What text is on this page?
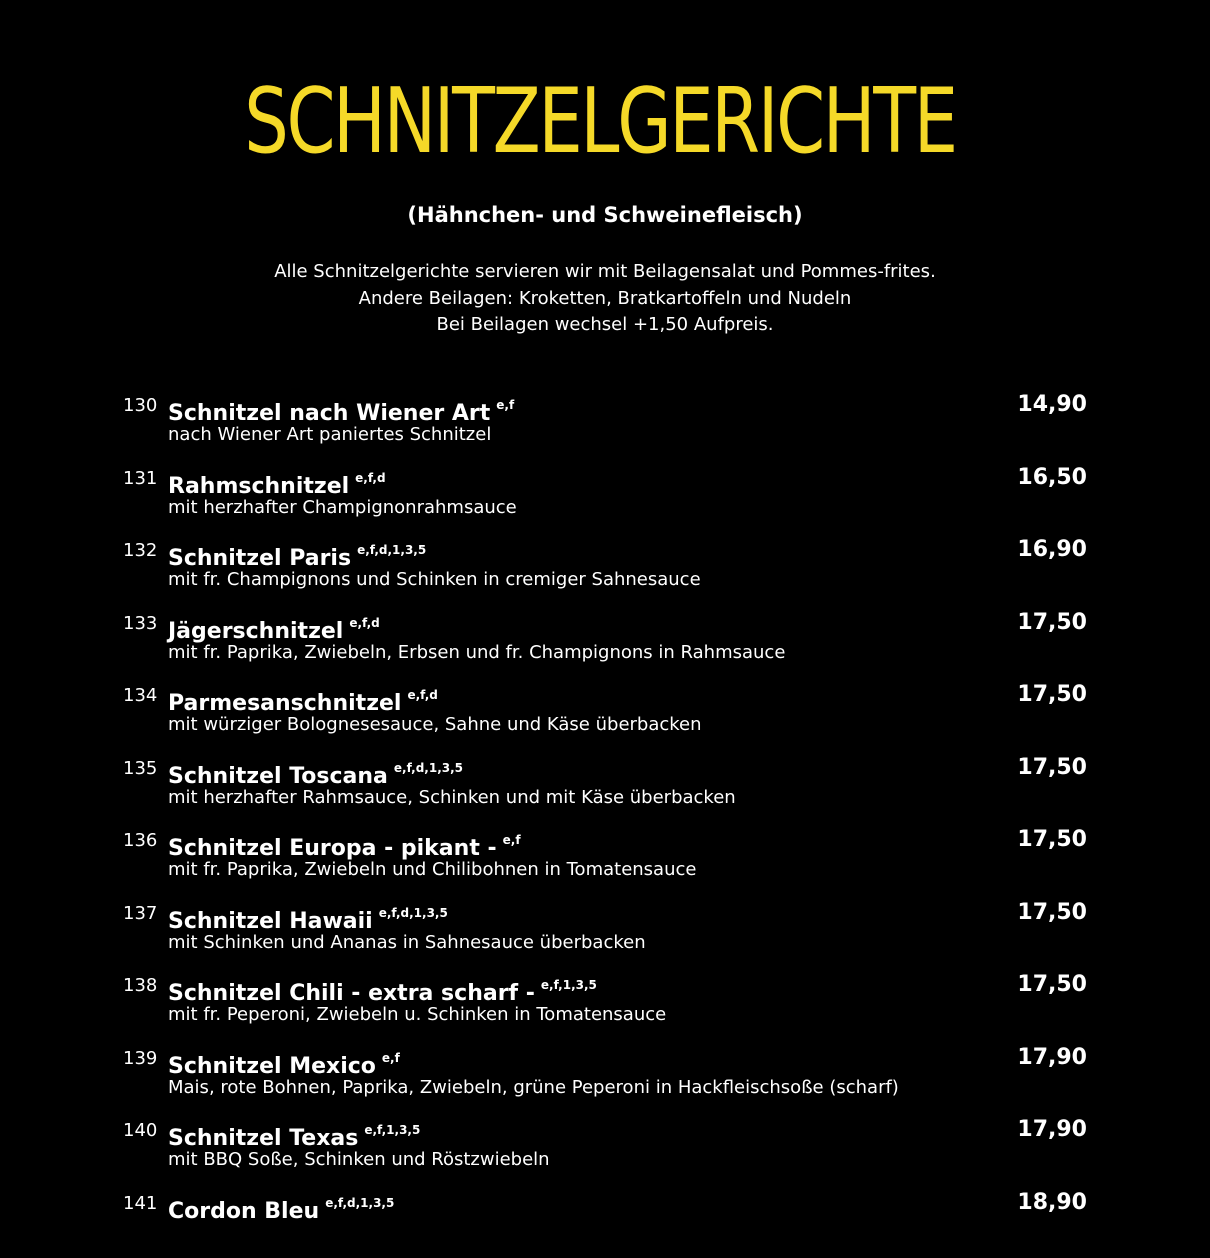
SCHNITZELGERICHTE
(Hähnchen- und Schweinefleisch)
Alle Schnitzelgerichte servieren wir mit Beilagensalat und Pommes-frites.
Andere Beilagen: Kroketten, Bratkartoffeln und Nudeln
Bei Beilagen wechsel +1,50 Aufpreis.
130 Schnitzel nach Wiener Art $^{e,f}$
nach Wiener Art paniertes Schnitzel
14,90
131 Rahmschnitzel $^{e,f,d}$
mit herzhafter Champignonrahmsauce
16,50
132 Schnitzel Paris $^{e,f,d,1,3,5}$
mit fr. Champignons und Schinken in cremiger Sahnesauce
16,90
133 Jägerschnitzel $^{e,f,d}$
mit fr. Paprika, Zwiebeln, Erbsen und fr. Champignons in Rahmsauce
17,50
134 Parmesanschnitzel $^{e,f,d}$
mit würziger Bolognesesauce, Sahne und Käse überbacken
17,50
135 Schnitzel Toscana $^{e,f,d,1,3,5}$
mit herzhafter Rahmsauce, Schinken und mit Käse überbacken
17,50
136 Schnitzel Europa - pikant - $^{e,f}$
mit fr. Paprika, Zwiebeln und Chilibohnen in Tomatensauce
17,50
137 Schnitzel Hawaii $^{e,f,d,1,3,5}$
mit Schinken und Ananas in Sahnesauce überbacken
17,50
138 Schnitzel Chili - extra scharf - $^{e,f,1,3,5}$
mit fr. Peperoni, Zwiebeln u. Schinken in Tomatensauce
17,50
139 Schnitzel Mexico $^{e,f}$
Mais, rote Bohnen, Paprika, Zwiebeln, grüne Peperoni in Hackfleischsoße (scharf)
17,90
140 Schnitzel Texas $^{e,f,1,3,5}$
mit BBQ Soße, Schinken und Röstzwiebeln
17,90
141 Cordon Bleu $^{e,f,d,1,3,5}$	18,90
